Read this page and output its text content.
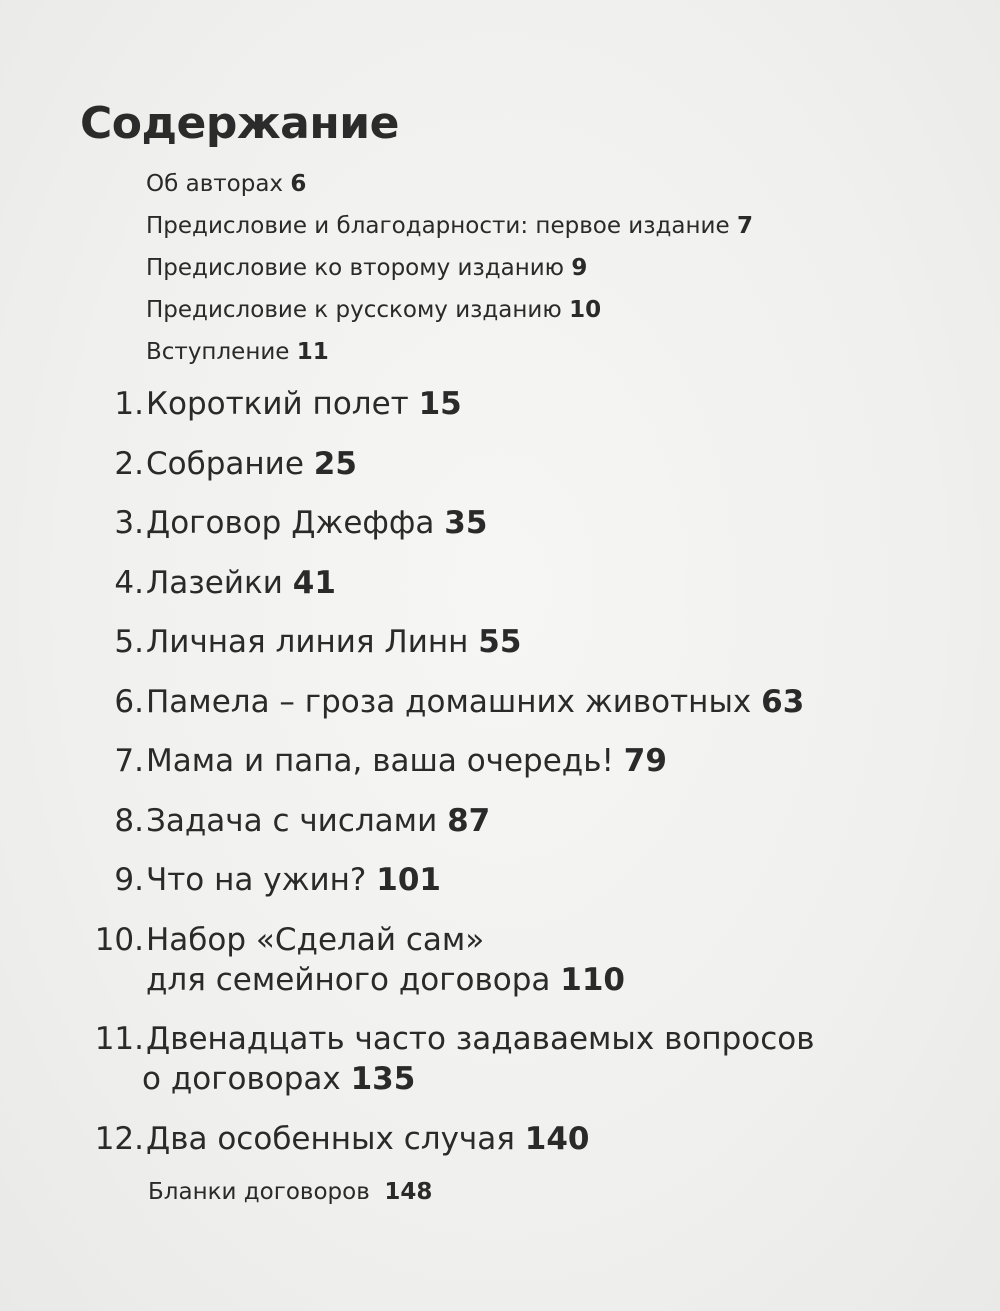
Содержание
Об авторах 6
Предисловие и благодарности: первое издание 7
Предисловие ко второму изданию 9
Предисловие к русскому изданию 10
Вступление 11
1. Короткий полет 15
2. Собрание 25
3. Договор Джеффа 35
4. Лазейки 41
5. Личная линия Линн 55
6. Памела – гроза домашних животных 63
7. Мама и папа, ваша очередь! 79
8. Задача с числами 87
9. Что на ужин? 101
10. Набор «Сделай сам»
для семейного договора 110
11. Двенадцать часто задаваемых вопросов
о договорах 135
12. Два особенных случая 140
Бланки договоров 148
